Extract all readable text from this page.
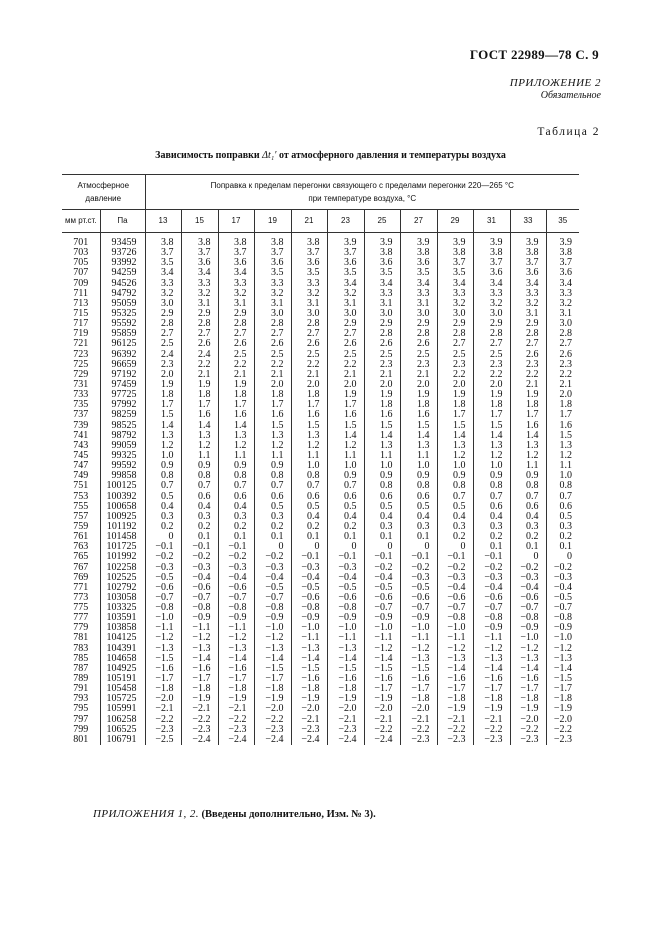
ГОСТ 22989—78 С. 9
ПРИЛОЖЕНИЕ 2
Обязательное
Таблица 2
Зависимость поправки Δt₁′ от атмосферного давления и температуры воздуха
Атмосферное
давление		Поправка к пределам перегонки связующего с пределами перегонки 220—265 °С
при температуре воздуха, °С											
мм рт.ст.	Па	13	15	17	19	21	23	25	27	29	31	33	35
701	93459	3.8	3.8	3.8	3.8	3.8	3.9	3.9	3.9	3.9	3.9	3.9	3.9
703	93726	3.7	3.7	3.7	3.7	3.7	3.7	3.8	3.8	3.8	3.8	3.8	3.8
705	93992	3.5	3.6	3.6	3.6	3.6	3.6	3.6	3.6	3.7	3.7	3.7	3.7
707	94259	3.4	3.4	3.4	3.5	3.5	3.5	3.5	3.5	3.5	3.6	3.6	3.6
709	94526	3.3	3.3	3.3	3.3	3.3	3.4	3.4	3.4	3.4	3.4	3.4	3.4
711	94792	3.2	3.2	3.2	3.2	3.2	3.2	3.3	3.3	3.3	3.3	3.3	3.3
713	95059	3.0	3.1	3.1	3.1	3.1	3.1	3.1	3.1	3.2	3.2	3.2	3.2
715	95325	2.9	2.9	2.9	3.0	3.0	3.0	3.0	3.0	3.0	3.0	3.1	3.1
717	95592	2.8	2.8	2.8	2.8	2.8	2.9	2.9	2.9	2.9	2.9	2.9	3.0
719	95859	2.7	2.7	2.7	2.7	2.7	2.7	2.8	2.8	2.8	2.8	2.8	2.8
721	96125	2.5	2.6	2.6	2.6	2.6	2.6	2.6	2.6	2.7	2.7	2.7	2.7
723	96392	2.4	2.4	2.5	2.5	2.5	2.5	2.5	2.5	2.5	2.5	2.6	2.6
725	96659	2.3	2.2	2.2	2.2	2.2	2.2	2.3	2.3	2.3	2.3	2.3	2.3
729	97192	2.0	2.1	2.1	2.1	2.1	2.1	2.1	2.1	2.2	2.2	2.2	2.2
731	97459	1.9	1.9	1.9	2.0	2.0	2.0	2.0	2.0	2.0	2.0	2.1	2.1
733	97725	1.8	1.8	1.8	1.8	1.8	1.9	1.9	1.9	1.9	1.9	1.9	2.0
735	97992	1.7	1.7	1.7	1.7	1.7	1.7	1.8	1.8	1.8	1.8	1.8	1.8
737	98259	1.5	1.6	1.6	1.6	1.6	1.6	1.6	1.6	1.7	1.7	1.7	1.7
739	98525	1.4	1.4	1.4	1.5	1.5	1.5	1.5	1.5	1.5	1.5	1.6	1.6
741	98792	1.3	1.3	1.3	1.3	1.3	1.4	1.4	1.4	1.4	1.4	1.4	1.5
743	99059	1.2	1.2	1.2	1.2	1.2	1.2	1.3	1.3	1.3	1.3	1.3	1.3
745	99325	1.0	1.1	1.1	1.1	1.1	1.1	1.1	1.1	1.2	1.2	1.2	1.2
747	99592	0.9	0.9	0.9	0.9	1.0	1.0	1.0	1.0	1.0	1.0	1.1	1.1
749	99858	0.8	0.8	0.8	0.8	0.8	0.9	0.9	0.9	0.9	0.9	0.9	1.0
751	100125	0.7	0.7	0.7	0.7	0.7	0.7	0.8	0.8	0.8	0.8	0.8	0.8
753	100392	0.5	0.6	0.6	0.6	0.6	0.6	0.6	0.6	0.7	0.7	0.7	0.7
755	100658	0.4	0.4	0.4	0.5	0.5	0.5	0.5	0.5	0.5	0.6	0.6	0.6
757	100925	0.3	0.3	0.3	0.3	0.4	0.4	0.4	0.4	0.4	0.4	0.4	0.5
759	101192	0.2	0.2	0.2	0.2	0.2	0.2	0.3	0.3	0.3	0.3	0.3	0.3
761	101458	0	0.1	0.1	0.1	0.1	0.1	0.1	0.1	0.2	0.2	0.2	0.2
763	101725	−0.1	−0.1	−0.1	0	0	0	0	0	0	0.1	0.1	0.1
765	101992	−0.2	−0.2	−0.2	−0.2	−0.1	−0.1	−0.1	−0.1	−0.1	−0.1	0	0
767	102258	−0.3	−0.3	−0.3	−0.3	−0.3	−0.3	−0.2	−0.2	−0.2	−0.2	−0.2	−0.2
769	102525	−0.5	−0.4	−0.4	−0.4	−0.4	−0.4	−0.4	−0.3	−0.3	−0.3	−0.3	−0.3
771	102792	−0.6	−0.6	−0.6	−0.5	−0.5	−0.5	−0.5	−0.5	−0.4	−0.4	−0.4	−0.4
773	103058	−0.7	−0.7	−0.7	−0.7	−0.6	−0.6	−0.6	−0.6	−0.6	−0.6	−0.6	−0.5
775	103325	−0.8	−0.8	−0.8	−0.8	−0.8	−0.8	−0.7	−0.7	−0.7	−0.7	−0.7	−0.7
777	103591	−1.0	−0.9	−0.9	−0.9	−0.9	−0.9	−0.9	−0.9	−0.8	−0.8	−0.8	−0.8
779	103858	−1.1	−1.1	−1.1	−1.0	−1.0	−1.0	−1.0	−1.0	−1.0	−0.9	−0.9	−0.9
781	104125	−1.2	−1.2	−1.2	−1.2	−1.1	−1.1	−1.1	−1.1	−1.1	−1.1	−1.0	−1.0
783	104391	−1.3	−1.3	−1.3	−1.3	−1.3	−1.3	−1.2	−1.2	−1.2	−1.2	−1.2	−1.2
785	104658	−1.5	−1.4	−1.4	−1.4	−1.4	−1.4	−1.4	−1.3	−1.3	−1.3	−1.3	−1.3
787	104925	−1.6	−1.6	−1.6	−1.5	−1.5	−1.5	−1.5	−1.5	−1.4	−1.4	−1.4	−1.4
789	105191	−1.7	−1.7	−1.7	−1.7	−1.6	−1.6	−1.6	−1.6	−1.6	−1.6	−1.6	−1.5
791	105458	−1.8	−1.8	−1.8	−1.8	−1.8	−1.8	−1.7	−1.7	−1.7	−1.7	−1.7	−1.7
793	105725	−2.0	−1.9	−1.9	−1.9	−1.9	−1.9	−1.9	−1.8	−1.8	−1.8	−1.8	−1.8
795	105991	−2.1	−2.1	−2.1	−2.0	−2.0	−2.0	−2.0	−2.0	−1.9	−1.9	−1.9	−1.9
797	106258	−2.2	−2.2	−2.2	−2.2	−2.1	−2.1	−2.1	−2.1	−2.1	−2.1	−2.0	−2.0
799	106525	−2.3	−2.3	−2.3	−2.3	−2.3	−2.3	−2.2	−2.2	−2.2	−2.2	−2.2	−2.2
801	106791	−2.5	−2.4	−2.4	−2.4	−2.4	−2.4	−2.4	−2.3	−2.3	−2.3	−2.3	−2.3
ПРИЛОЖЕНИЯ 1, 2. (Введены дополнительно, Изм. № 3).
